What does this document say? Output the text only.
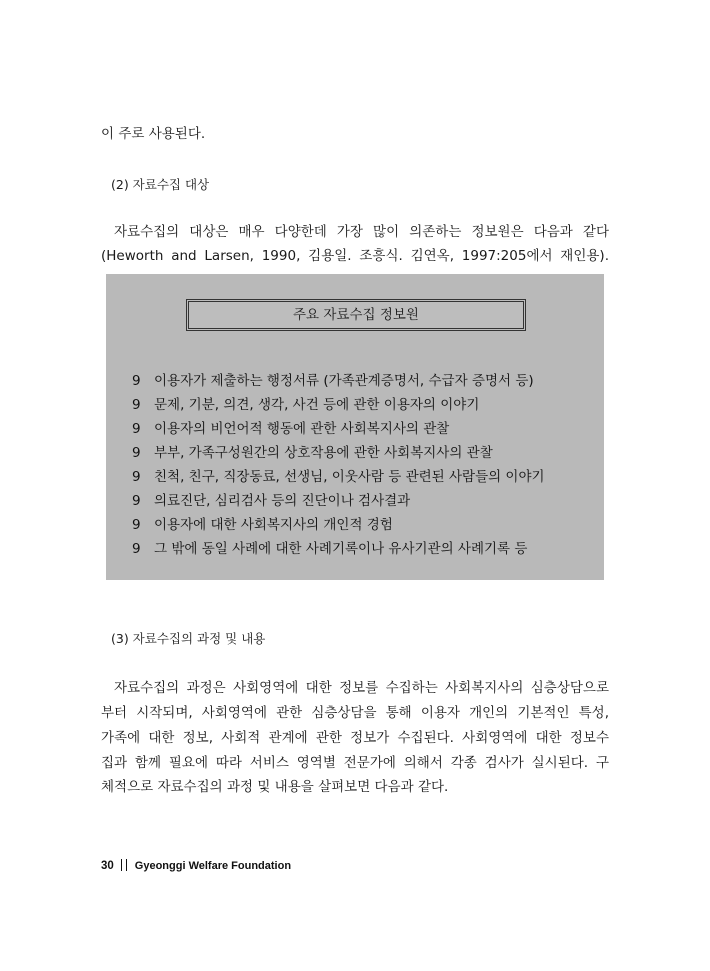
이 주로 사용된다.
(2) 자료수집 대상
자료수집의 대상은 매우 다양한데 가장 많이 의존하는 정보원은 다음과 같다
(Heworth and Larsen, 1990, 김용일. 조흥식. 김연옥, 1997:205에서 재인용).
주요 자료수집 정보원
9 이용자가 제출하는 행정서류 (가족관계증명서, 수급자 증명서 등)
9 문제, 기분, 의견, 생각, 사건 등에 관한 이용자의 이야기
9 이용자의 비언어적 행동에 관한 사회복지사의 관찰
9 부부, 가족구성원간의 상호작용에 관한 사회복지사의 관찰
9 친척, 친구, 직장동료, 선생님, 이웃사람 등 관련된 사람들의 이야기
9 의료진단, 심리검사 등의 진단이나 검사결과
9 이용자에 대한 사회복지사의 개인적 경험
9 그 밖에 동일 사례에 대한 사례기록이나 유사기관의 사례기록 등
(3) 자료수집의 과정 및 내용
자료수집의 과정은 사회영역에 대한 정보를 수집하는 사회복지사의 심층상담으로
부터 시작되며, 사회영역에 관한 심층상담을 통해 이용자 개인의 기본적인 특성,
가족에 대한 정보, 사회적 관계에 관한 정보가 수집된다. 사회영역에 대한 정보수
집과 함께 필요에 따라 서비스 영역별 전문가에 의해서 각종 검사가 실시된다. 구
체적으로 자료수집의 과정 및 내용을 살펴보면 다음과 같다.
30 Gyeonggi Welfare Foundation
